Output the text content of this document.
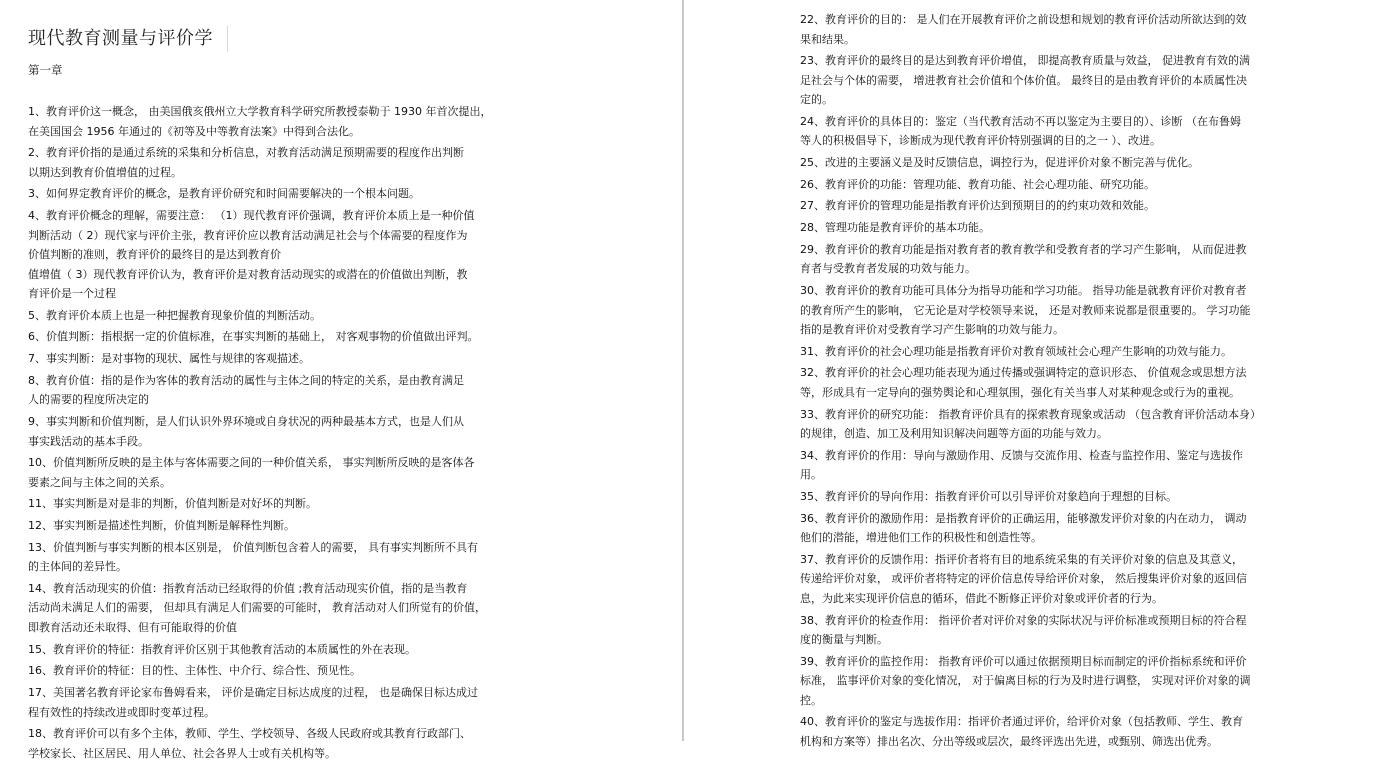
现代教育测量与评价学
第一章

1、教育评价这一概念， 由美国俄亥俄州立大学教育科学研究所教授泰勒于 1930 年首次提出，
在美国国会 1956 年通过的《初等及中等教育法案》中得到合法化。

2、教育评价指的是通过系统的采集和分析信息，对教育活动满足预期需要的程度作出判断
以期达到教育价值增值的过程。

3、如何界定教育评价的概念，是教育评价研究和时间需要解决的一个根本问题。

4、教育评价概念的理解，需要注意： （1）现代教育评价强调，教育评价本质上是一种价值
判断活动（ 2）现代家与评价主张，教育评价应以教育活动满足社会与个体需要的程度作为
价值判断的准则，教育评价的最终目的是达到教育价
值增值（ 3）现代教育评价认为，教育评价是对教育活动现实的或潜在的价值做出判断，教
育评价是一个过程

5、教育评价本质上也是一种把握教育现象价值的判断活动。

6、价值判断：指根据一定的价值标准，在事实判断的基础上， 对客观事物的价值做出评判。

7、事实判断：是对事物的现状、属性与规律的客观描述。

8、教育价值：指的是作为客体的教育活动的属性与主体之间的特定的关系，是由教育满足
人的需要的程度所决定的

9、事实判断和价值判断，是人们认识外界环境或自身状况的两种最基本方式，也是人们从
事实践活动的基本手段。

10、价值判断所反映的是主体与客体需要之间的一种价值关系， 事实判断所反映的是客体各
要素之间与主体之间的关系。

11、事实判断是对是非的判断，价值判断是对好坏的判断。

12、事实判断是描述性判断，价值判断是解释性判断。

13、价值判断与事实判断的根本区别是， 价值判断包含着人的需要， 具有事实判断所不具有
的主体间的差异性。

14、教育活动现实的价值：指教育活动已经取得的价值 ;教育活动现实价值，指的是当教育
活动尚未满足人们的需要， 但却具有满足人们需要的可能时， 教育活动对人们所觉有的价值，
即教育活动还未取得、但有可能取得的价值

15、教育评价的特征：指教育评价区别于其他教育活动的本质属性的外在表现。

16、教育评价的特征：目的性、主体性、中介行、综合性、预见性。

17、美国著名教育评论家布鲁姆看来， 评价是确定目标达成度的过程， 也是确保目标达成过
程有效性的持续改进或即时变革过程。

18、教育评价可以有多个主体，教师、学生、学校领导、各级人民政府或其教育行政部门、
学校家长、社区居民、用人单位、社会各界人士或有关机构等。

22、教育评价的目的： 是人们在开展教育评价之前设想和规划的教育评价活动所欲达到的效
果和结果。

23、教育评价的最终目的是达到教育评价增值， 即提高教育质量与效益， 促进教育有效的满
足社会与个体的需要， 增进教育社会价值和个体价值。 最终目的是由教育评价的本质属性决
定的。

24、教育评价的具体目的：鉴定（当代教育活动不再以鉴定为主要目的）、诊断 （在布鲁姆
等人的积极倡导下，诊断成为现代教育评价特别强调的目的之一 ）、改进。

25、改进的主要涵义是及时反馈信息，调控行为，促进评价对象不断完善与优化。

26、教育评价的功能：管理功能、教育功能、社会心理功能、研究功能。

27、教育评价的管理功能是指教育评价达到预期目的的约束功效和效能。

28、管理功能是教育评价的基本功能。

29、教育评价的教育功能是指对教育者的教育教学和受教育者的学习产生影响， 从而促进教
育者与受教育者发展的功效与能力。

30、教育评价的教育功能可具体分为指导功能和学习功能。 指导功能是就教育评价对教育者
的教育所产生的影响， 它无论是对学校领导来说， 还是对教师来说都是很重要的。 学习功能
指的是教育评价对受教育学习产生影响的功效与能力。

31、教育评价的社会心理功能是指教育评价对教育领域社会心理产生影响的功效与能力。

32、教育评价的社会心理功能表现为通过传播或强调特定的意识形态、 价值观念或思想方法
等，形成具有一定导向的强势舆论和心理氛围，强化有关当事人对某种观念或行为的重视。

33、教育评价的研究功能： 指教育评价具有的探索教育现象或活动 （包含教育评价活动本身）
的规律，创造、加工及利用知识解决问题等方面的功能与效力。

34、教育评价的作用：导向与激励作用、反馈与交流作用、检查与监控作用、鉴定与选拔作
用。

35、教育评价的导向作用：指教育评价可以引导评价对象趋向于理想的目标。

36、教育评价的激励作用：是指教育评价的正确运用，能够激发评价对象的内在动力， 调动
他们的潜能，增进他们工作的积极性和创造性等。

37、教育评价的反馈作用：指评价者将有目的地系统采集的有关评价对象的信息及其意义，
传递给评价对象， 或评价者将特定的评价信息传导给评价对象， 然后搜集评价对象的返回信
息，为此来实现评价信息的循环，借此不断修正评价对象或评价者的行为。

38、教育评价的检查作用： 指评价者对评价对象的实际状况与评价标准或预期目标的符合程
度的衡量与判断。

39、教育评价的监控作用： 指教育评价可以通过依据预期目标而制定的评价指标系统和评价
标准， 监事评价对象的变化情况， 对于偏离目标的行为及时进行调整， 实现对评价对象的调
控。

40、教育评价的鉴定与选拔作用：指评价者通过评价，给评价对象（包括教师、学生、教育
机构和方案等）排出名次、分出等级或层次，最终评选出先进，或甄别、筛选出优秀。
